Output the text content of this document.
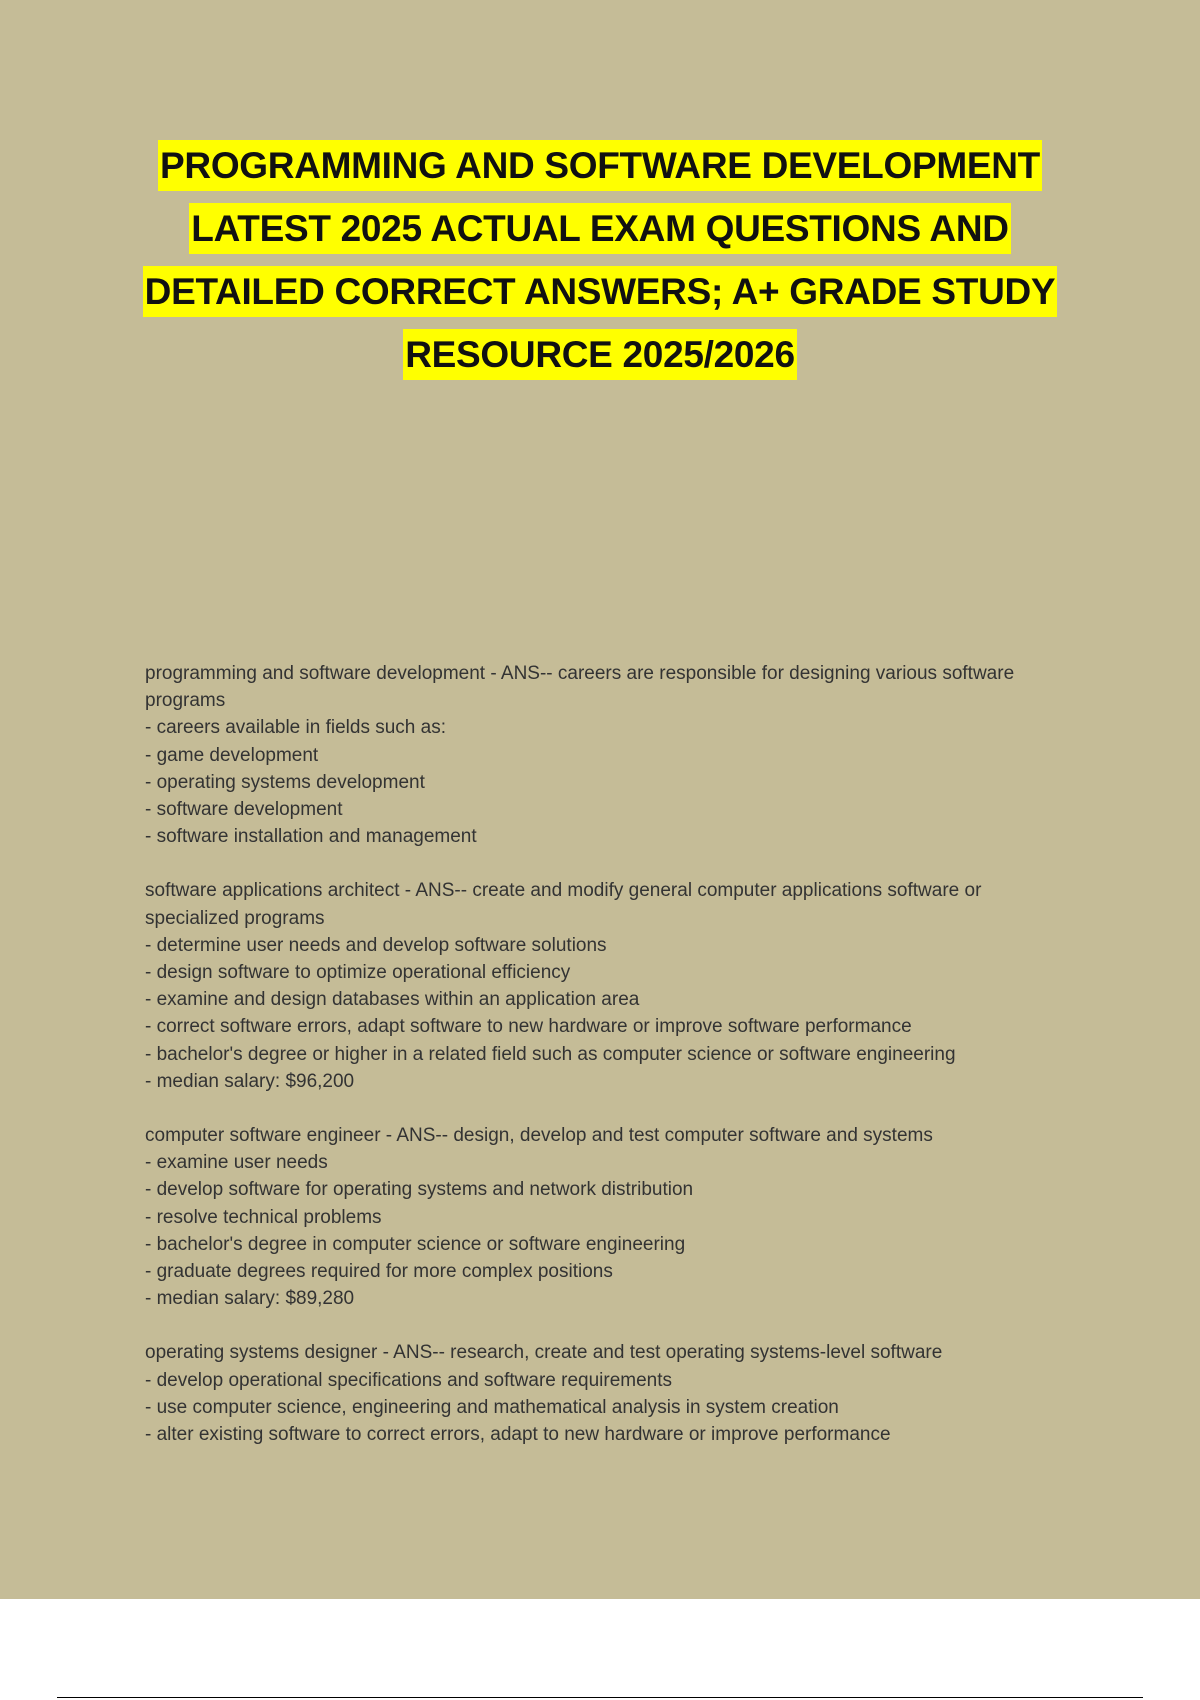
PROGRAMMING AND SOFTWARE DEVELOPMENT
LATEST 2025 ACTUAL EXAM QUESTIONS AND
DETAILED CORRECT ANSWERS; A+ GRADE STUDY
RESOURCE 2025/2026

programming and software development - ANS-- careers are responsible for designing various software

programs

- careers available in fields such as:

- game development

- operating systems development

- software development

- software installation and management

software applications architect - ANS-- create and modify general computer applications software or

specialized programs

- determine user needs and develop software solutions

- design software to optimize operational efficiency

- examine and design databases within an application area

- correct software errors, adapt software to new hardware or improve software performance

- bachelor's degree or higher in a related field such as computer science or software engineering

- median salary: $96,200

computer software engineer - ANS-- design, develop and test computer software and systems

- examine user needs

- develop software for operating systems and network distribution

- resolve technical problems

- bachelor's degree in computer science or software engineering

- graduate degrees required for more complex positions

- median salary: $89,280

operating systems designer - ANS-- research, create and test operating systems-level software

- develop operational specifications and software requirements

- use computer science, engineering and mathematical analysis in system creation

- alter existing software to correct errors, adapt to new hardware or improve performance
